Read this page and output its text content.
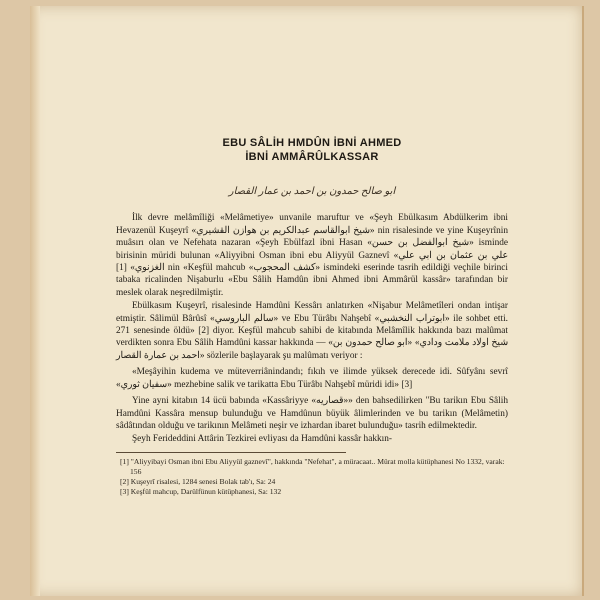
EBU SÂLİH HMDÛN İBNİ AHMED
İBNİ AMMÂRÛLKASSAR
ابو صالح حمدون بن احمد بن عمار القصار

İlk devre melâmîliği «Melâmetiye» unvanile maruftur ve «Şeyh Ebülkasım Abdülkerim ibni Hevazenül Kuşeyrî «شيخ ابوالقاسم عبدالكريم بن هوازن القشيري» nin risalesinde ve yine Kuşeyrînin muâsırı olan ve Nefehata nazaran «Şeyh Ebülfazl ibni Hasan «شيخ ابوالفضل بن حسن» isminde birisinin müridi bulunan «Aliyyibni Osman ibni ebu Aliyyül Gaznevî «علي بن عثمان بن ابي علي الغزنوي» [1] nin «Keşfül mahcub «كشف المحجوب» ismindeki eserinde tasrih edildiği veçhile birinci tabaka ricalinden Nişaburlu «Ebu Sâlih Hamdûn ibni Ahmed ibni Ammârül kassâr» tarafından bir meslek olarak neşredilmiştir.

Ebülkasım Kuşeyrî, risalesinde Hamdûni Kessârı anlatırken «Nişabur Melâmetîleri ondan intişar etmiştir. Sâlimül Bârûsî «سالم الباروسي» ve Ebu Türâbı Nahşebî «ابوتراب النخشبي» ile sohbet etti. 271 senesinde öldü» [2] diyor. Keşfül mahcub sahibi de kitabında Melâmîlik hakkında bazı malûmat verdikten sonra Ebu Sâlih Hamdûni kassar hakkında — «شيخ اولاد ملامت ودادي» «ابو صالح حمدون بن احمد بن عمارة القصار» sözlerile başlayarak şu malûmatı veriyor :

«Meşâyihin kudema ve müteverriânindandı; fıkıh ve ilimde yüksek derecede idi. Sûfyânı sevrî «سفيان ثوري» mezhebine salik ve tarikatta Ebu Türâbı Nahşebî müridi idi» [3]

Yine ayni kitabın 14 ücü babında «Kassâriyye «قصاريه»» den bahsedilirken "Bu tarikın Ebu Sâlih Hamdûni Kassâra mensup bulunduğu ve Hamdûnun büyük âlimlerinden ve bu tarikın (Melâmetin) sâdâtından olduğu ve tarikının Melâmeti neşir ve izhardan ibaret bulunduğu» tasrih edilmektedir.

Şeyh Ferideddini Attârin Tezkirei evliyası da Hamdûni kassâr hakkın-

[1] "Aliyyibayi Osman ibni Ebu Aliyyül gaznevî", hakkında "Nefehat", a müracaat.. Mürat molla kütüphanesi No 1332, varak: 156
[2] Kuşeyrî risalesi, 1284 senesi Bolak tab'ı, Sa: 24
[3] Keşfül mahcup, Darülfünun kütüphanesi, Sa: 132
